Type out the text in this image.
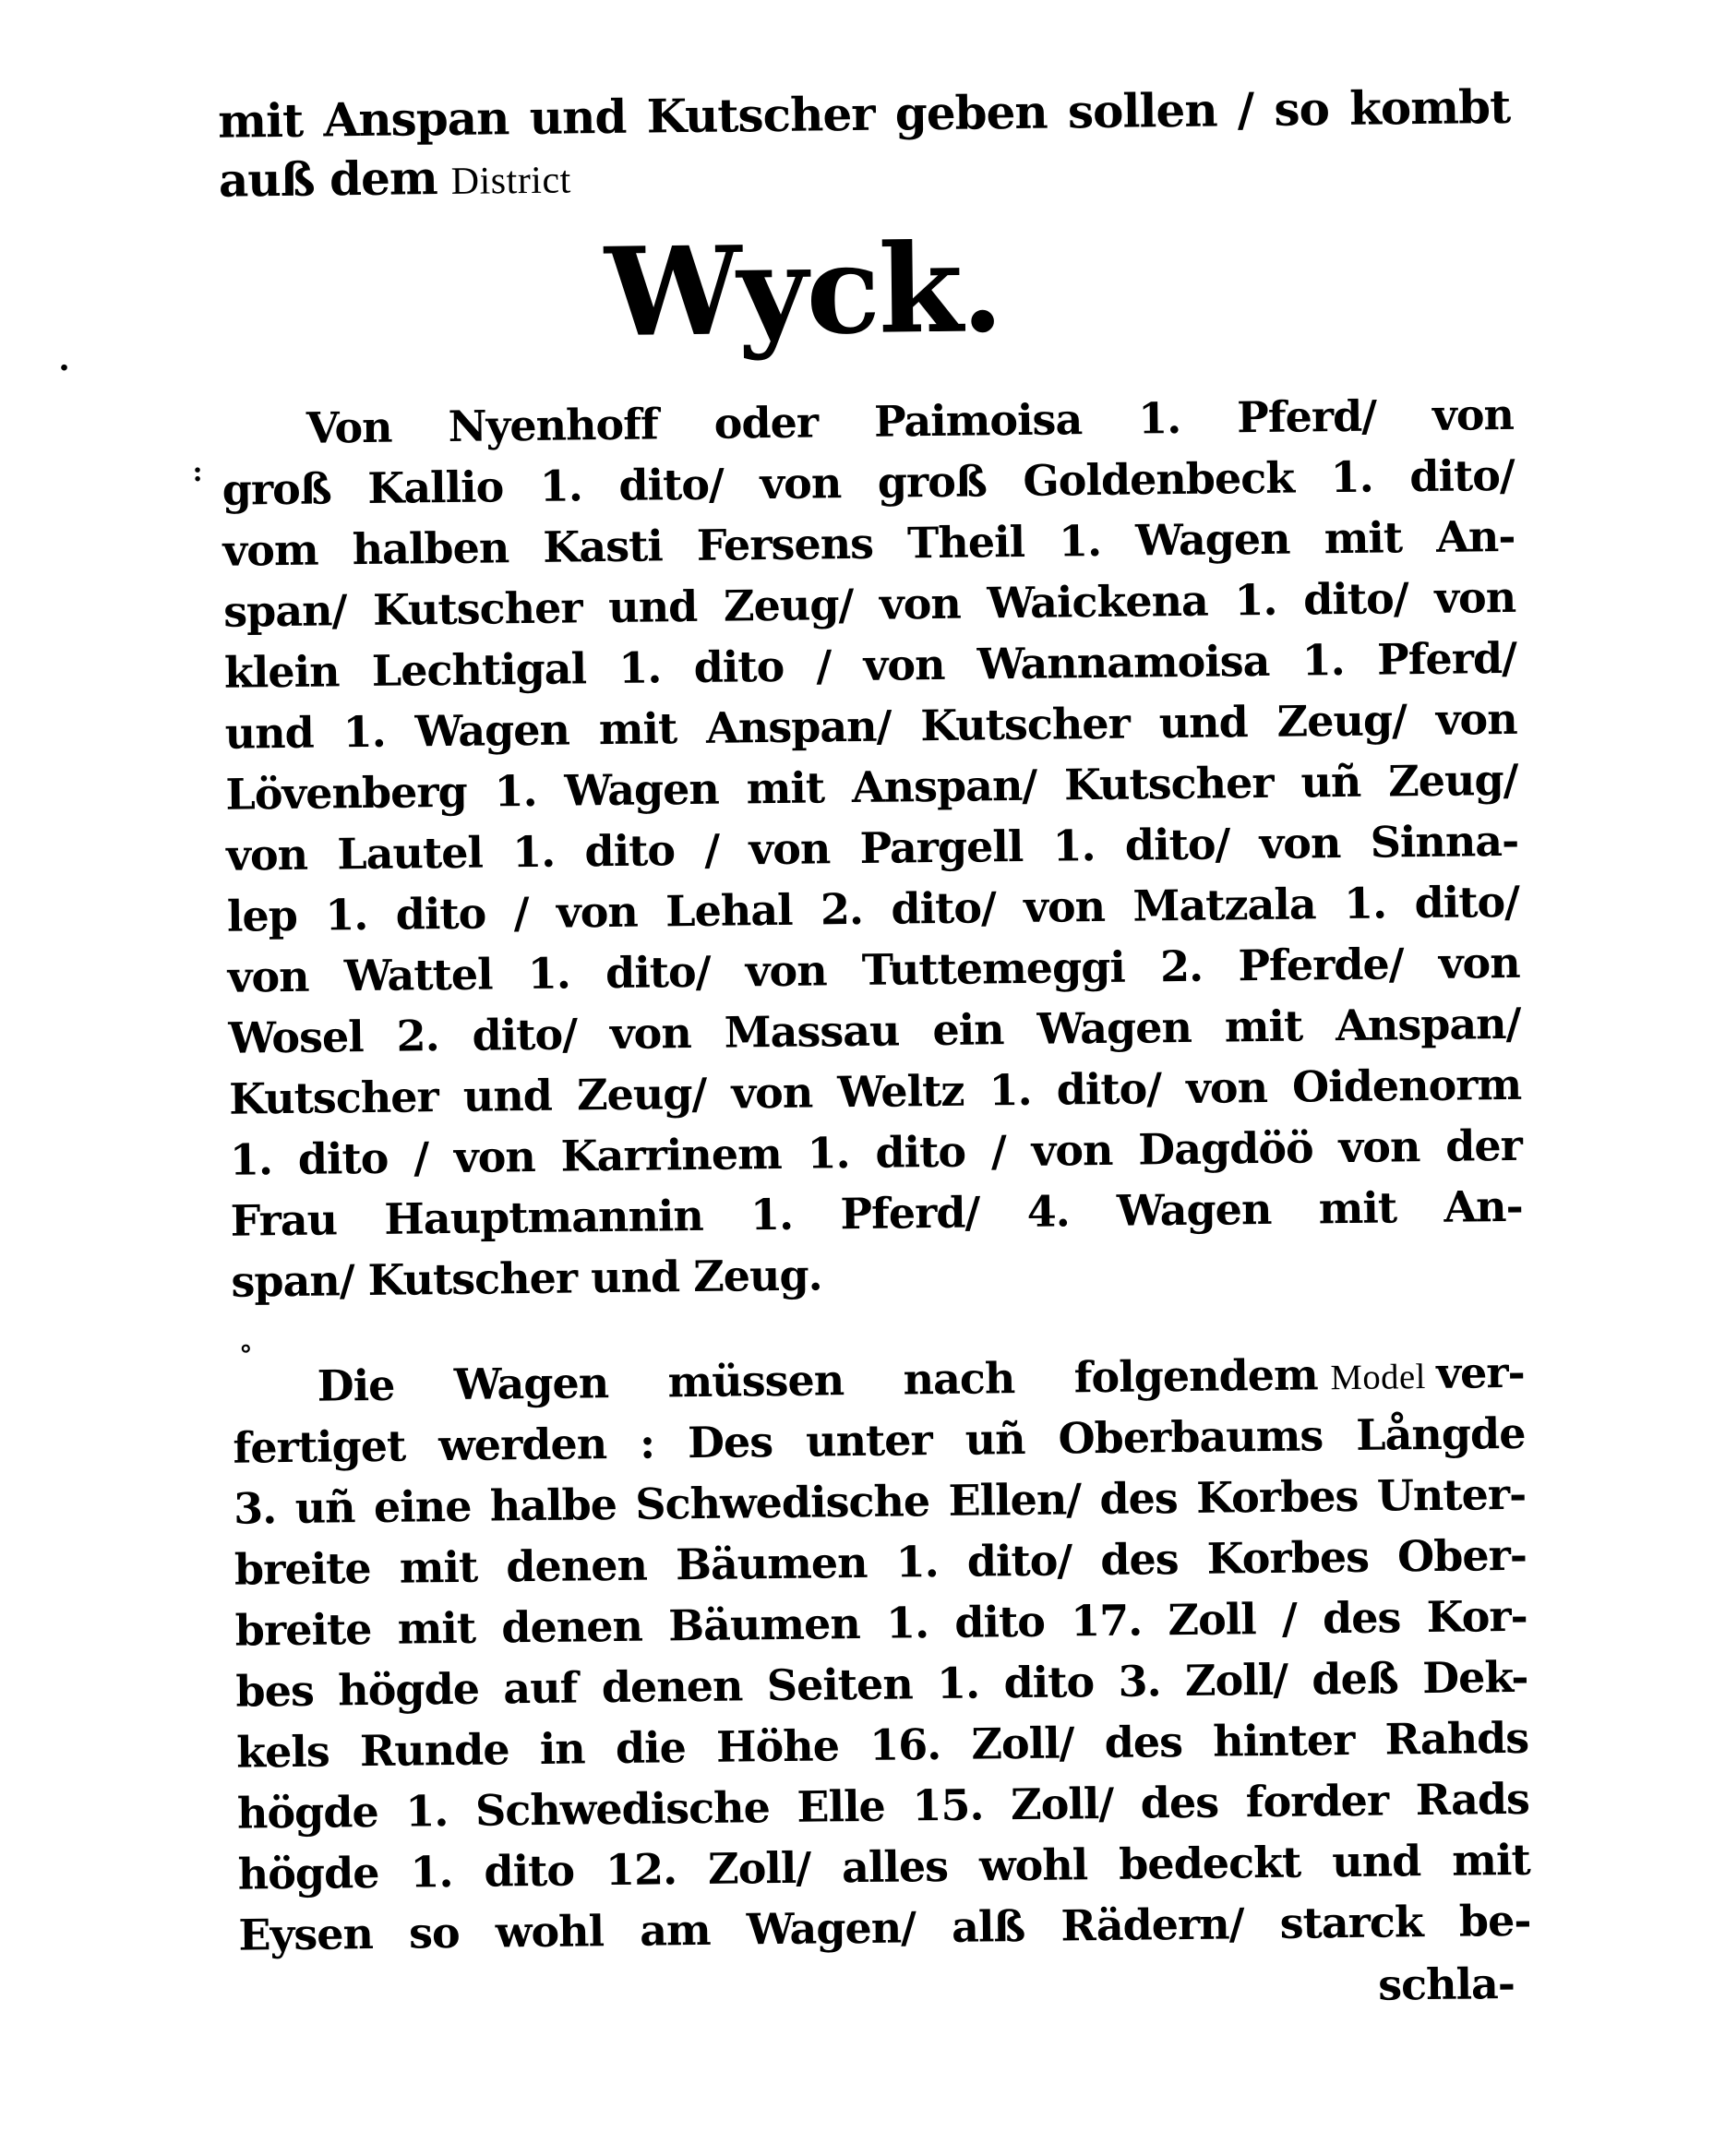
mit Anspan und Kutscher geben sollen / so kombt
auß dem District
Wyck.
Von Nyenhoff oder Paimoisa 1. Pferd/ von
groß Kallio 1. dito/ von groß Goldenbeck 1. dito/
vom halben Kasti Fersens Theil 1. Wagen mit An-
span/ Kutscher und Zeug/ von Waickena 1. dito/ von
klein Lechtigal 1. dito / von Wannamoisa 1. Pferd/
und 1. Wagen mit Anspan/ Kutscher und Zeug/ von
Lövenberg 1. Wagen mit Anspan/ Kutscher uñ Zeug/
von Lautel 1. dito / von Pargell 1. dito/ von Sinna-
lep 1. dito / von Lehal 2. dito/ von Matzala 1. dito/
von Wattel 1. dito/ von Tuttemeggi 2. Pferde/ von
Wosel 2. dito/ von Massau ein Wagen mit Anspan/
Kutscher und Zeug/ von Weltz 1. dito/ von Oidenorm
1. dito / von Karrinem 1. dito / von Dagdöö von der
Frau Hauptmannin 1. Pferd/ 4. Wagen mit An-
span/ Kutscher und Zeug.
Die Wagen müssen nach folgendem Model ver-
fertiget werden : Des unter uñ Oberbaums Långde
3. uñ eine halbe Schwedische Ellen/ des Korbes Unter-
breite mit denen Bäumen 1. dito/ des Korbes Ober-
breite mit denen Bäumen 1. dito 17. Zoll / des Kor-
bes högde auf denen Seiten 1. dito 3. Zoll/ deß Dek-
kels Runde in die Höhe 16. Zoll/ des hinter Rahds
högde 1. Schwedische Elle 15. Zoll/ des forder Rads
högde 1. dito 12. Zoll/ alles wohl bedeckt und mit
Eysen so wohl am Wagen/ alß Rädern/ starck be-
schla-
:
°
·
